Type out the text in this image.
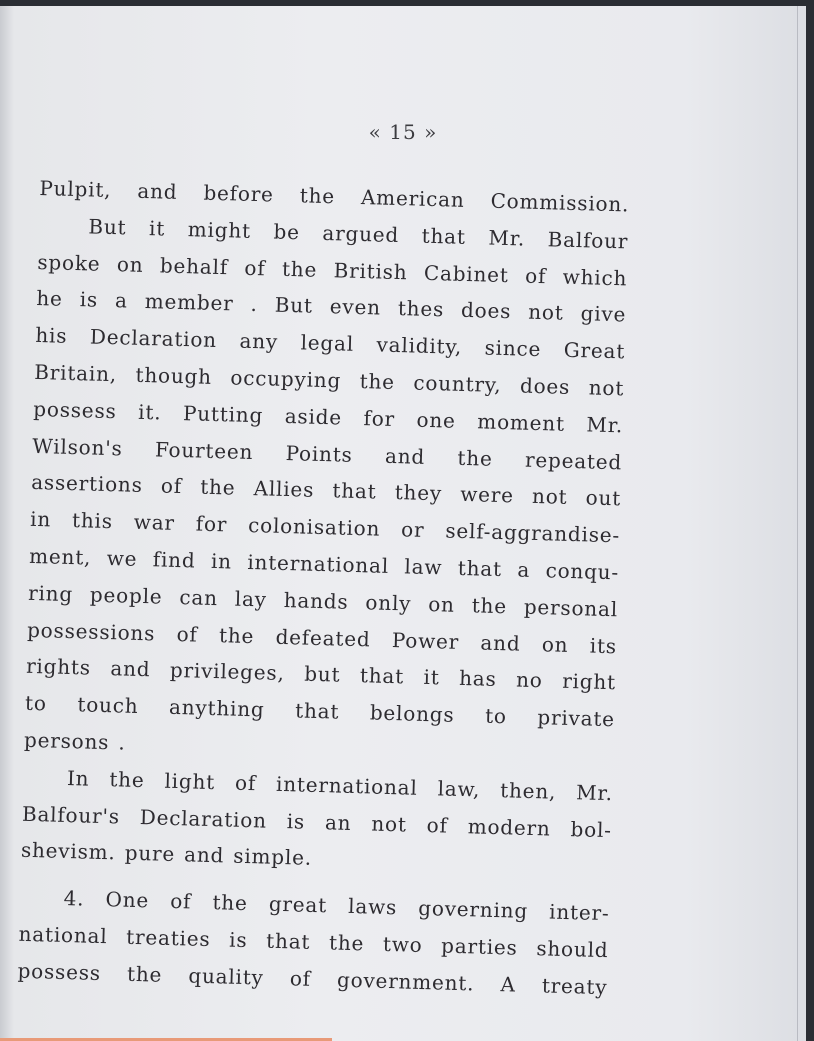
« 15 »
Pulpit, and before the American Commission.
But it might be argued that Mr. Balfour
spoke on behalf of the British Cabinet of which
he is a member . But even thes does not give
his Declaration any legal validity, since Great
Britain, though occupying the country, does not
possess it. Putting aside for one moment Mr.
Wilson's Fourteen Points and the repeated
assertions of the Allies that they were not out
in this war for colonisation or self-aggrandise-
ment, we find in international law that a conqu-
ring people can lay hands only on the personal
possessions of the defeated Power and on its
rights and privileges, but that it has no right
to touch anything that belongs to private
persons .
In the light of international law, then, Mr.
Balfour's Declaration is an not of modern bol-
shevism. pure and simple.
4. One of the great laws governing inter-
national treaties is that the two parties should
possess the quality of government. A treaty
